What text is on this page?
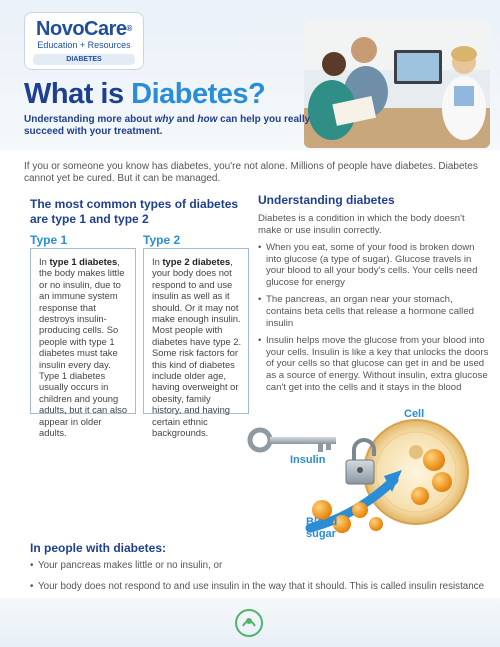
NovoCare®
Education + Resources
DIABETES
What is Diabetes?
Understanding more about why and how can help you really succeed with your treatment.

If you or someone you know has diabetes, you're not alone. Millions of people have diabetes. Diabetes cannot yet be cured. But it can be managed.

The most common types of diabetes are type 1 and type 2
Type 1
In type 1 diabetes, the body makes little or no insulin, due to an immune system response that destroys insulin-producing cells. So people with type 1 diabetes must take insulin every day. Type 1 diabetes usually occurs in children and young adults, but it can also appear in older adults.
Type 2
In type 2 diabetes, your body does not respond to and use insulin as well as it should. Or it may not make enough insulin. Most people with diabetes have type 2. Some risk factors for this kind of diabetes include older age, having overweight or obesity, family history, and having certain ethnic backgrounds.
Understanding diabetes

Diabetes is a condition in which the body doesn't make or use insulin correctly.

• When you eat, some of your food is broken down into glucose (a type of sugar). Glucose travels in your blood to all your body's cells. Your cells need glucose for energy
• The pancreas, an organ near your stomach, contains beta cells that release a hormone called insulin
• Insulin helps move the glucose from your blood into your cells. Insulin is like a key that unlocks the doors of your cells so that glucose can get in and be used as a source of energy. Without insulin, extra glucose can't get into the cells and it stays in the blood
Cell
Insulin
Blood
sugar
In people with diabetes:
• Your pancreas makes little or no insulin, or
• Your body does not respond to and use insulin in the way that it should. This is called insulin resistance
